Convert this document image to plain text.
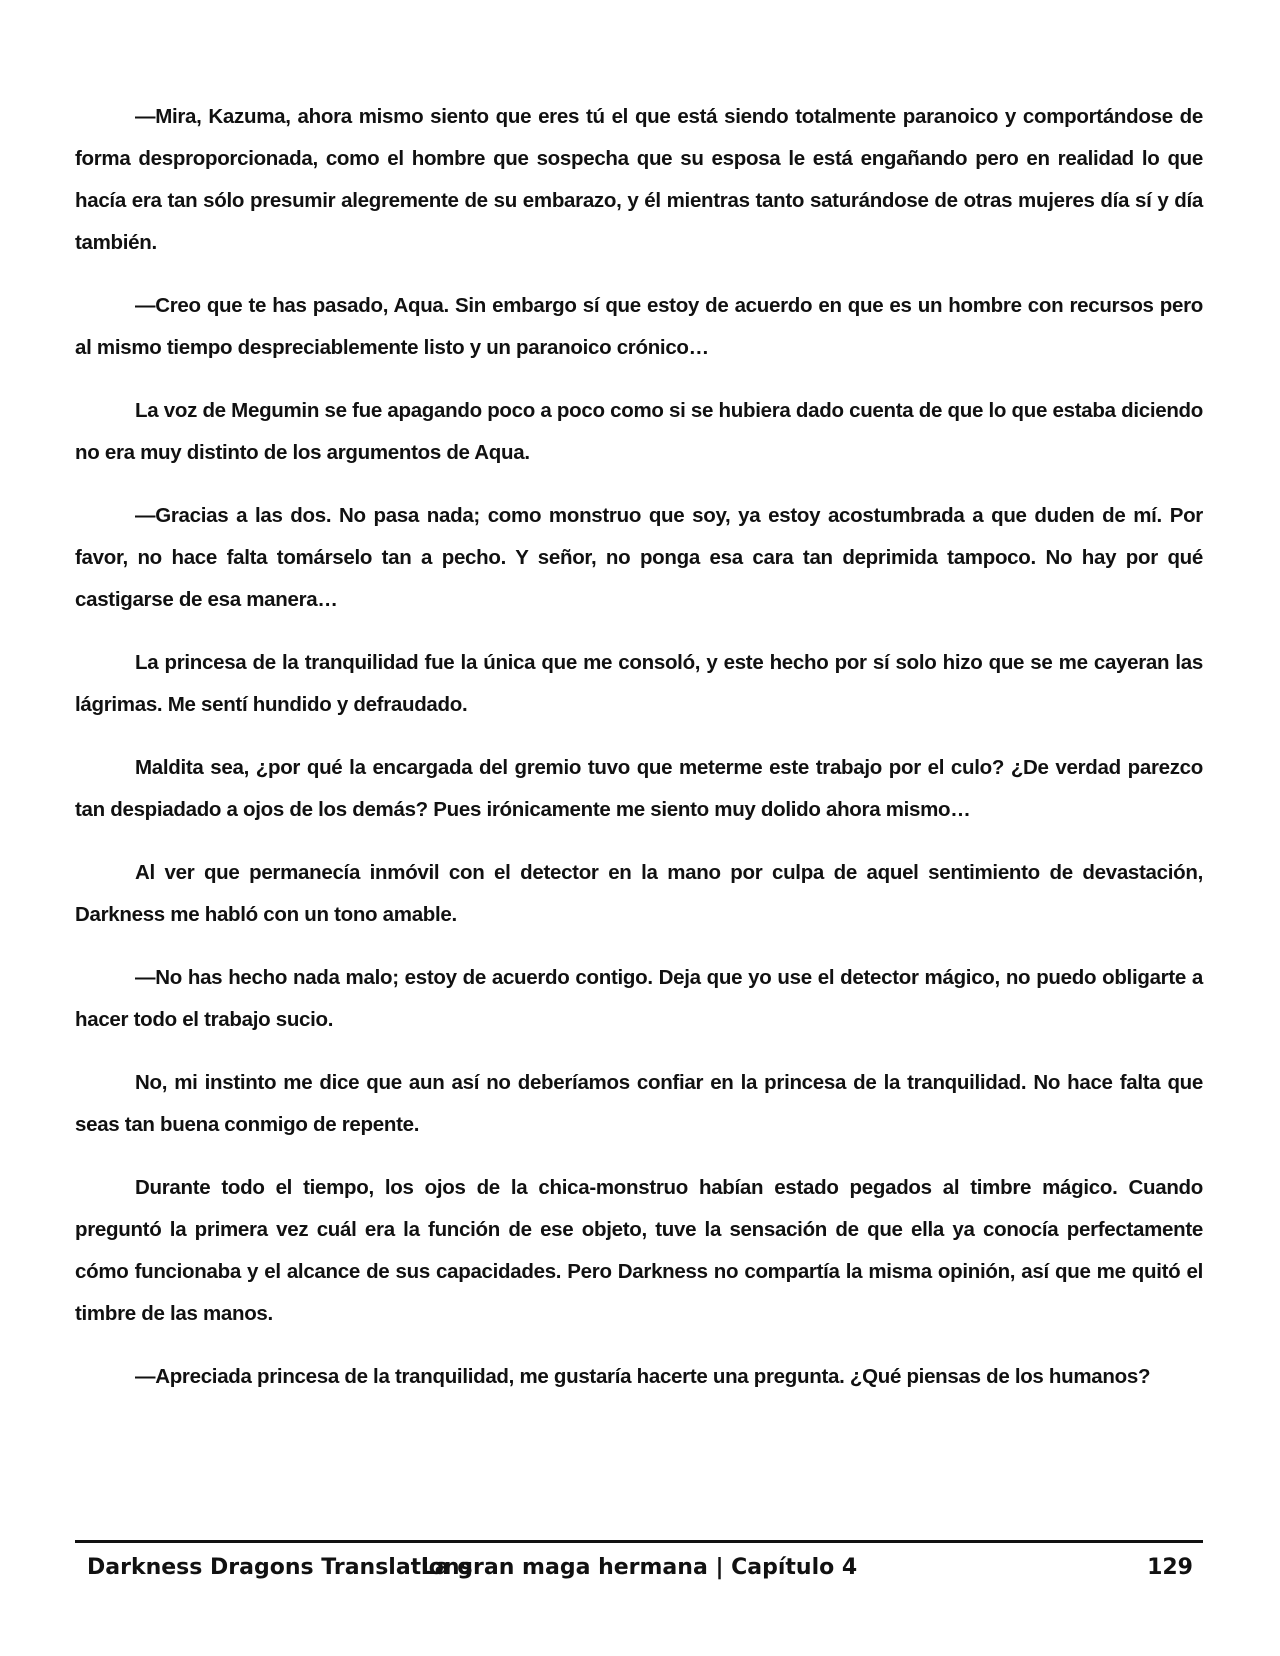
—Mira, Kazuma, ahora mismo siento que eres tú el que está siendo totalmente paranoico y comportándose de forma desproporcionada, como el hombre que sospecha que su esposa le está engañando pero en realidad lo que hacía era tan sólo presumir alegremente de su embarazo, y él mientras tanto saturándose de otras mujeres día sí y día también.

—Creo que te has pasado, Aqua. Sin embargo sí que estoy de acuerdo en que es un hombre con recursos pero al mismo tiempo despreciablemente listo y un paranoico crónico…

La voz de Megumin se fue apagando poco a poco como si se hubiera dado cuenta de que lo que estaba diciendo no era muy distinto de los argumentos de Aqua.

—Gracias a las dos. No pasa nada; como monstruo que soy, ya estoy acostumbrada a que duden de mí. Por favor, no hace falta tomárselo tan a pecho. Y señor, no ponga esa cara tan deprimida tampoco. No hay por qué castigarse de esa manera…

La princesa de la tranquilidad fue la única que me consoló, y este hecho por sí solo hizo que se me cayeran las lágrimas. Me sentí hundido y defraudado.

Maldita sea, ¿por qué la encargada del gremio tuvo que meterme este trabajo por el culo? ¿De verdad parezco tan despiadado a ojos de los demás? Pues irónicamente me siento muy dolido ahora mismo…

Al ver que permanecía inmóvil con el detector en la mano por culpa de aquel sentimiento de devastación, Darkness me habló con un tono amable.

—No has hecho nada malo; estoy de acuerdo contigo. Deja que yo use el detector mágico, no puedo obligarte a hacer todo el trabajo sucio.

No, mi instinto me dice que aun así no deberíamos confiar en la princesa de la tranquilidad. No hace falta que seas tan buena conmigo de repente.

Durante todo el tiempo, los ojos de la chica-monstruo habían estado pegados al timbre mágico. Cuando preguntó la primera vez cuál era la función de ese objeto, tuve la sensación de que ella ya conocía perfectamente cómo funcionaba y el alcance de sus capacidades. Pero Darkness no compartía la misma opinión, así que me quitó el timbre de las manos.

—Apreciada princesa de la tranquilidad, me gustaría hacerte una pregunta. ¿Qué piensas de los humanos?

La gran maga hermana | Capítulo 4
Darkness Dragons Translations	129
